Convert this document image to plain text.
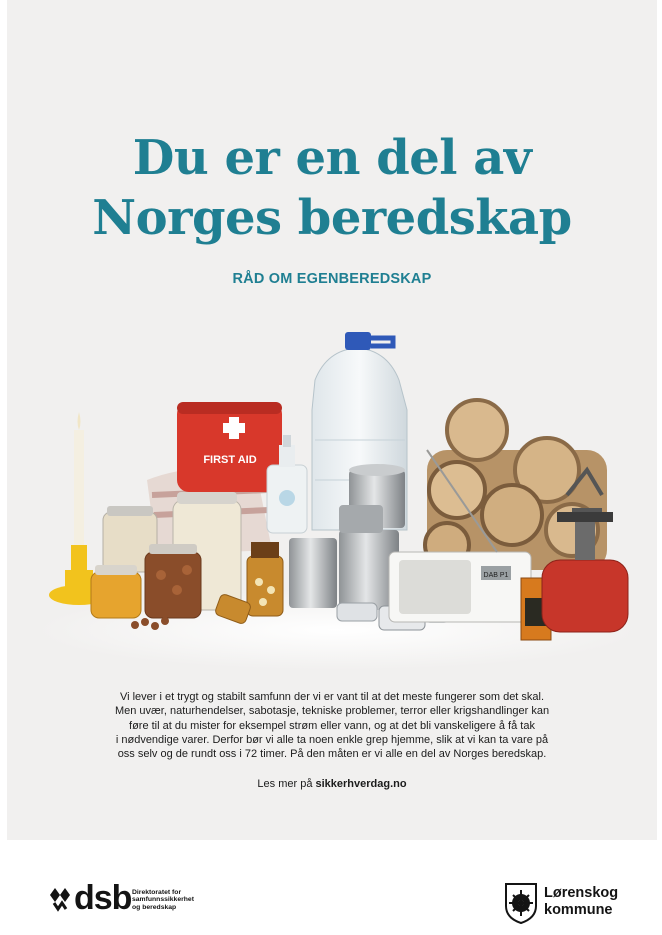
Du er en del av
Norges beredskap
RÅD OM EGENBEREDSKAP
FIRST AID
DAB P1
Vi lever i et trygt og stabilt samfunn der vi er vant til at det meste fungerer som det skal.
Men uvær, naturhendelser, sabotasje, tekniske problemer, terror eller krigshandlinger kan
føre til at du mister for eksempel strøm eller vann, og at det bli vanskeligere å få tak
i nødvendige varer. Derfor bør vi alle ta noen enkle grep hjemme, slik at vi kan ta vare på
oss selv og de rundt oss i 72 timer. På den måten er vi alle en del av Norges beredskap.
Les mer på sikkerhverdag.no
dsb Direktoratet for
samfunnssikkerhet
og beredskap
Lørenskog
kommune
